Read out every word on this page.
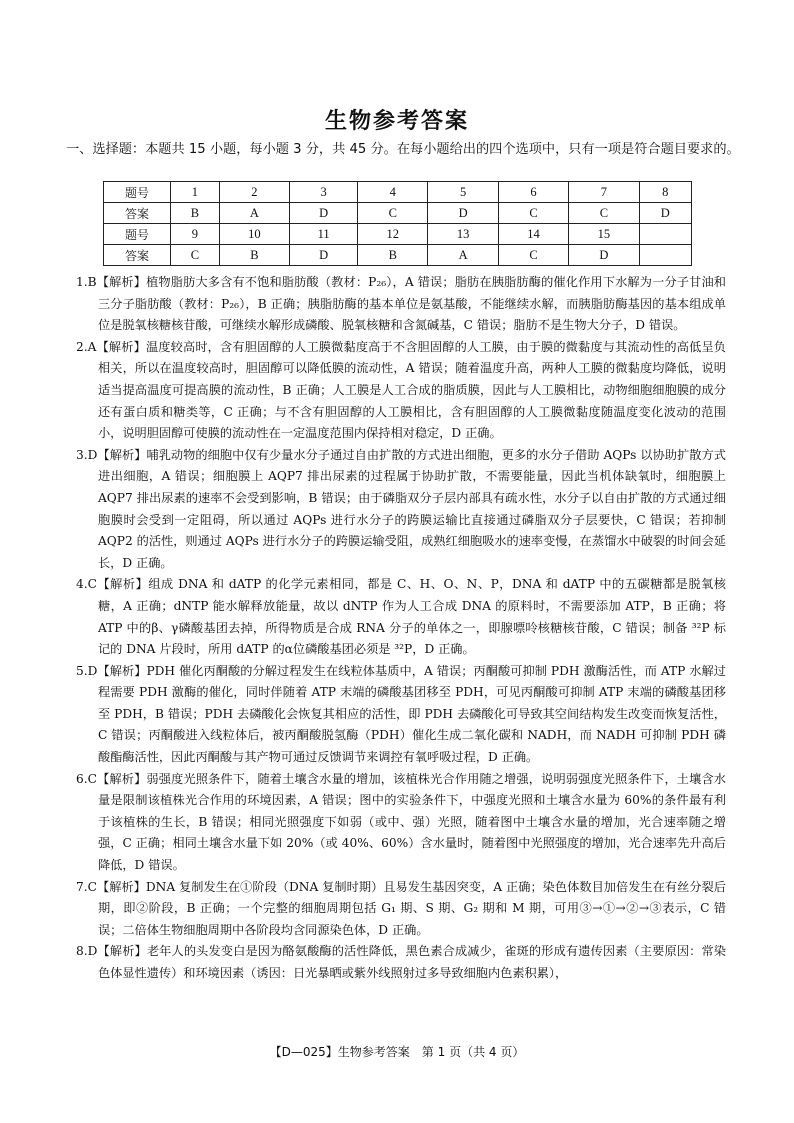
生物参考答案
一、选择题：本题共 15 小题，每小题 3 分，共 45 分。在每小题给出的四个选项中，只有一项是符合题目要求的。
题号	1	2	3	4	5	6	7	8
答案	B	A	D	C	D	C	C	D
题号	9	10	11	12	13	14	15	
答案	C	B	D	B	A	C	D	

1.B【解析】植物脂肪大多含有不饱和脂肪酸（教材：P₂₆），A 错误；脂肪在胰脂肪酶的催化作用下水解为一分子甘油和三分子脂肪酸（教材：P₂₆），B 正确；胰脂肪酶的基本单位是氨基酸，不能继续水解，而胰脂肪酶基因的基本组成单位是脱氧核糖核苷酸，可继续水解形成磷酸、脱氧核糖和含氮碱基，C 错误；脂肪不是生物大分子，D 错误。

2.A【解析】温度较高时，含有胆固醇的人工膜微黏度高于不含胆固醇的人工膜，由于膜的微黏度与其流动性的高低呈负相关，所以在温度较高时，胆固醇可以降低膜的流动性，A 错误；随着温度升高，两种人工膜的微黏度均降低，说明适当提高温度可提高膜的流动性，B 正确；人工膜是人工合成的脂质膜，因此与人工膜相比，动物细胞细胞膜的成分还有蛋白质和糖类等，C 正确；与不含有胆固醇的人工膜相比，含有胆固醇的人工膜微黏度随温度变化波动的范围小，说明胆固醇可使膜的流动性在一定温度范围内保持相对稳定，D 正确。

3.D【解析】哺乳动物的细胞中仅有少量水分子通过自由扩散的方式进出细胞，更多的水分子借助 AQPs 以协助扩散方式进出细胞，A 错误；细胞膜上 AQP7 排出尿素的过程属于协助扩散，不需要能量，因此当机体缺氧时，细胞膜上 AQP7 排出尿素的速率不会受到影响，B 错误；由于磷脂双分子层内部具有疏水性，水分子以自由扩散的方式通过细胞膜时会受到一定阻碍，所以通过 AQPs 进行水分子的跨膜运输比直接通过磷脂双分子层要快，C 错误；若抑制 AQP2 的活性，则通过 AQPs 进行水分子的跨膜运输受阻，成熟红细胞吸水的速率变慢，在蒸馏水中破裂的时间会延长，D 正确。

4.C【解析】组成 DNA 和 dATP 的化学元素相同，都是 C、H、O、N、P，DNA 和 dATP 中的五碳糖都是脱氧核糖，A 正确；dNTP 能水解释放能量，故以 dNTP 作为人工合成 DNA 的原料时，不需要添加 ATP，B 正确；将 ATP 中的β、γ磷酸基团去掉，所得物质是合成 RNA 分子的单体之一，即腺嘌呤核糖核苷酸，C 错误；制备 ³²P 标记的 DNA 片段时，所用 dATP 的α位磷酸基团必须是 ³²P，D 正确。

5.D【解析】PDH 催化丙酮酸的分解过程发生在线粒体基质中，A 错误；丙酮酸可抑制 PDH 激酶活性，而 ATP 水解过程需要 PDH 激酶的催化，同时伴随着 ATP 末端的磷酸基团移至 PDH，可见丙酮酸可抑制 ATP 末端的磷酸基团移至 PDH，B 错误；PDH 去磷酸化会恢复其相应的活性，即 PDH 去磷酸化可导致其空间结构发生改变而恢复活性，C 错误；丙酮酸进入线粒体后，被丙酮酸脱氢酶（PDH）催化生成二氧化碳和 NADH，而 NADH 可抑制 PDH 磷酸酯酶活性，因此丙酮酸与其产物可通过反馈调节来调控有氧呼吸过程，D 正确。

6.C【解析】弱强度光照条件下，随着土壤含水量的增加，该植株光合作用随之增强，说明弱强度光照条件下，土壤含水量是限制该植株光合作用的环境因素，A 错误；图中的实验条件下，中强度光照和土壤含水量为 60%的条件最有利于该植株的生长，B 错误；相同光照强度下如弱（或中、强）光照，随着图中土壤含水量的增加，光合速率随之增强，C 正确；相同土壤含水量下如 20%（或 40%、60%）含水量时，随着图中光照强度的增加，光合速率先升高后降低，D 错误。

7.C【解析】DNA 复制发生在①阶段（DNA 复制时期）且易发生基因突变，A 正确；染色体数目加倍发生在有丝分裂后期，即②阶段，B 正确；一个完整的细胞周期包括 G₁ 期、S 期、G₂ 期和 M 期，可用③→①→②→③表示，C 错误；二倍体生物细胞周期中各阶段均含同源染色体，D 正确。

8.D【解析】老年人的头发变白是因为酪氨酸酶的活性降低，黑色素合成减少，雀斑的形成有遗传因素（主要原因：常染色体显性遗传）和环境因素（诱因：日光暴晒或紫外线照射过多导致细胞内色素积累），

【D—025】生物参考答案　第 1 页（共 4 页）
